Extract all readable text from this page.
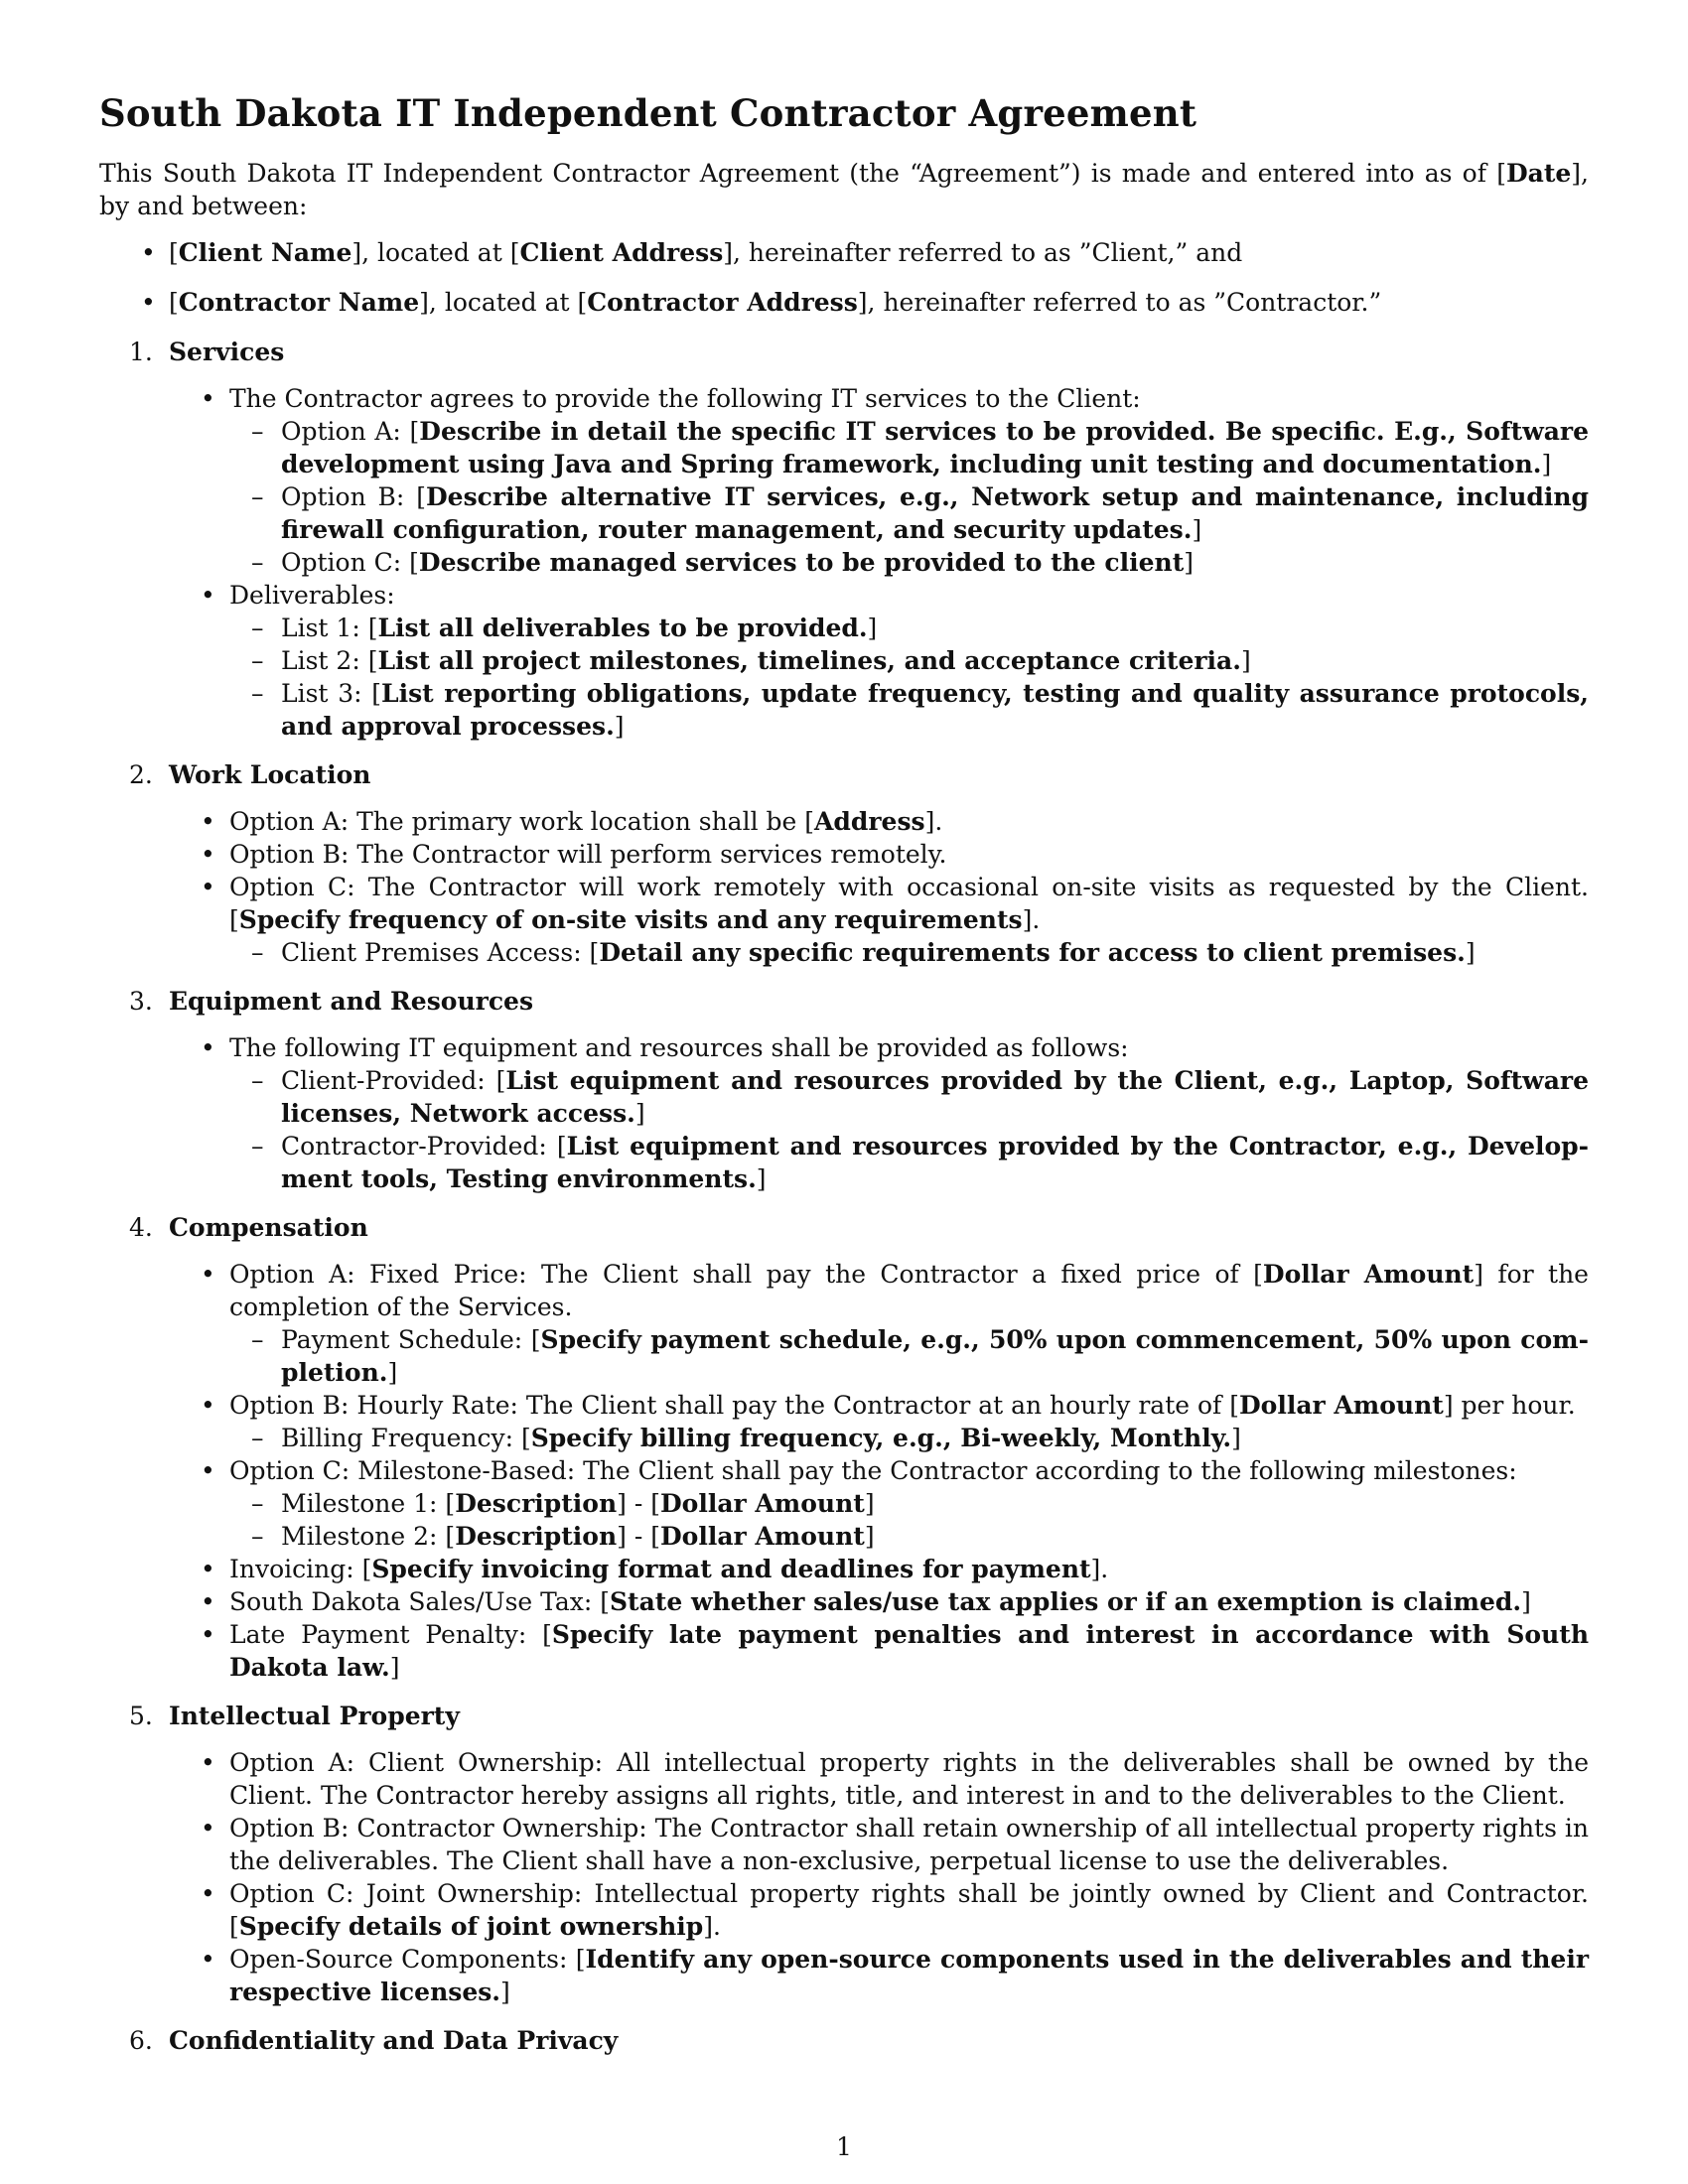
South Dakota IT Independent Contractor Agreement

This South Dakota IT Independent Contractor Agreement (the “Agreement”) is made and entered into as of [Date], by and between:

• [Client Name], located at [Client Address], hereinafter referred to as ”Client,” and
• [Contractor Name], located at [Contractor Address], hereinafter referred to as ”Contractor.”
1. Services
• The Contractor agrees to provide the following IT services to the Client:
– Option A: [Describe in detail the specific IT services to be provided. Be specific. E.g., Software development using Java and Spring framework, including unit testing and documentation.]
– Option B: [Describe alternative IT services, e.g., Network setup and maintenance, including firewall configuration, router management, and security updates.]
– Option C: [Describe managed services to be provided to the client]
• Deliverables:
– List 1: [List all deliverables to be provided.]
– List 2: [List all project milestones, timelines, and acceptance criteria.]
– List 3: [List reporting obligations, update frequency, testing and quality assurance protocols, and approval processes.]
2. Work Location
• Option A: The primary work location shall be [Address].
• Option B: The Contractor will perform services remotely.
• Option C: The Contractor will work remotely with occasional on-site visits as requested by the Client. [Specify frequency of on-site visits and any requirements].
– Client Premises Access: [Detail any specific requirements for access to client premises.]
3. Equipment and Resources
• The following IT equipment and resources shall be provided as follows:
– Client-Provided: [List equipment and resources provided by the Client, e.g., Laptop, Software licenses, Network access.]
– Contractor-Provided: [List equipment and resources provided by the Contractor, e.g., Develop-ment tools, Testing environments.]
4. Compensation
• Option A: Fixed Price: The Client shall pay the Contractor a fixed price of [Dollar Amount] for the completion of the Services.
– Payment Schedule: [Specify payment schedule, e.g., 50% upon commencement, 50% upon com-pletion.]
• Option B: Hourly Rate: The Client shall pay the Contractor at an hourly rate of [Dollar Amount] per hour.
– Billing Frequency: [Specify billing frequency, e.g., Bi-weekly, Monthly.]
• Option C: Milestone-Based: The Client shall pay the Contractor according to the following milestones:
– Milestone 1: [Description] - [Dollar Amount]
– Milestone 2: [Description] - [Dollar Amount]
• Invoicing: [Specify invoicing format and deadlines for payment].
• South Dakota Sales/Use Tax: [State whether sales/use tax applies or if an exemption is claimed.]
• Late Payment Penalty: [Specify late payment penalties and interest in accordance with South Dakota law.]
5. Intellectual Property
• Option A: Client Ownership: All intellectual property rights in the deliverables shall be owned by the Client. The Contractor hereby assigns all rights, title, and interest in and to the deliverables to the Client.
• Option B: Contractor Ownership: The Contractor shall retain ownership of all intellectual property rights in the deliverables. The Client shall have a non-exclusive, perpetual license to use the deliverables.
• Option C: Joint Ownership: Intellectual property rights shall be jointly owned by Client and Contractor. [Specify details of joint ownership].
• Open-Source Components: [Identify any open-source components used in the deliverables and their respective licenses.]
6. Confidentiality and Data Privacy
1
